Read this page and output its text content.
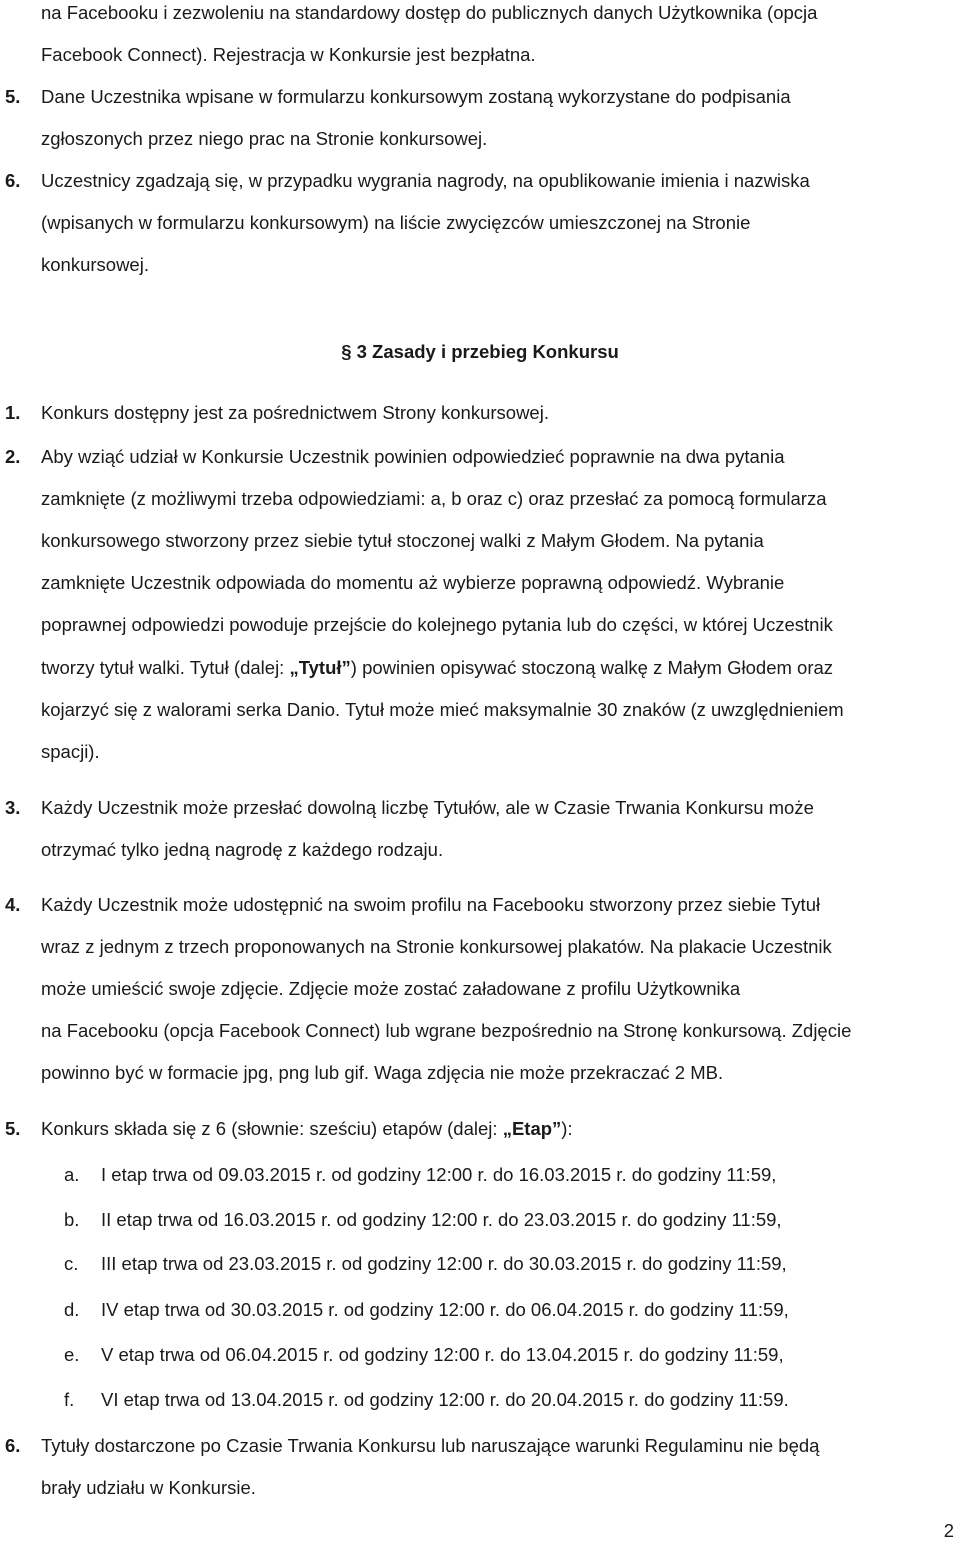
na Facebooku i zezwoleniu na standardowy dostęp do publicznych danych Użytkownika (opcja
Facebook Connect). Rejestracja w Konkursie jest bezpłatna.
5. Dane Uczestnika wpisane w formularzu konkursowym zostaną wykorzystane do podpisania
zgłoszonych przez niego prac na Stronie konkursowej.
6. Uczestnicy zgadzają się, w przypadku wygrania nagrody, na opublikowanie imienia i nazwiska
(wpisanych w formularzu konkursowym) na liście zwycięzców umieszczonej na Stronie
konkursowej.
§ 3 Zasady i przebieg Konkursu
1. Konkurs dostępny jest za pośrednictwem Strony konkursowej.
2. Aby wziąć udział w Konkursie Uczestnik powinien odpowiedzieć poprawnie na dwa pytania
zamknięte (z możliwymi trzeba odpowiedziami: a, b oraz c) oraz przesłać za pomocą formularza
konkursowego stworzony przez siebie tytuł stoczonej walki z Małym Głodem. Na pytania
zamknięte Uczestnik odpowiada do momentu aż wybierze poprawną odpowiedź. Wybranie
poprawnej odpowiedzi powoduje przejście do kolejnego pytania lub do części, w której Uczestnik
tworzy tytuł walki. Tytuł (dalej: „Tytuł”) powinien opisywać stoczoną walkę z Małym Głodem oraz
kojarzyć się z walorami serka Danio. Tytuł może mieć maksymalnie 30 znaków (z uwzględnieniem
spacji).
3. Każdy Uczestnik może przesłać dowolną liczbę Tytułów, ale w Czasie Trwania Konkursu może
otrzymać tylko jedną nagrodę z każdego rodzaju.
4. Każdy Uczestnik może udostępnić na swoim profilu na Facebooku stworzony przez siebie Tytuł
wraz z jednym z trzech proponowanych na Stronie konkursowej plakatów. Na plakacie Uczestnik
może umieścić swoje zdjęcie. Zdjęcie może zostać załadowane z profilu Użytkownika
na Facebooku (opcja Facebook Connect) lub wgrane bezpośrednio na Stronę konkursową. Zdjęcie
powinno być w formacie jpg, png lub gif. Waga zdjęcia nie może przekraczać 2 MB.
5. Konkurs składa się z 6 (słownie: sześciu) etapów (dalej: „Etap”):
a. I etap trwa od 09.03.2015 r. od godziny 12:00 r. do 16.03.2015 r. do godziny 11:59,
b. II etap trwa od 16.03.2015 r. od godziny 12:00 r. do 23.03.2015 r. do godziny 11:59,
c. III etap trwa od 23.03.2015 r. od godziny 12:00 r. do 30.03.2015 r. do godziny 11:59,
d. IV etap trwa od 30.03.2015 r. od godziny 12:00 r. do 06.04.2015 r. do godziny 11:59,
e. V etap trwa od 06.04.2015 r. od godziny 12:00 r. do 13.04.2015 r. do godziny 11:59,
f. VI etap trwa od 13.04.2015 r. od godziny 12:00 r. do 20.04.2015 r. do godziny 11:59.
6. Tytuły dostarczone po Czasie Trwania Konkursu lub naruszające warunki Regulaminu nie będą
brały udziału w Konkursie.
2
